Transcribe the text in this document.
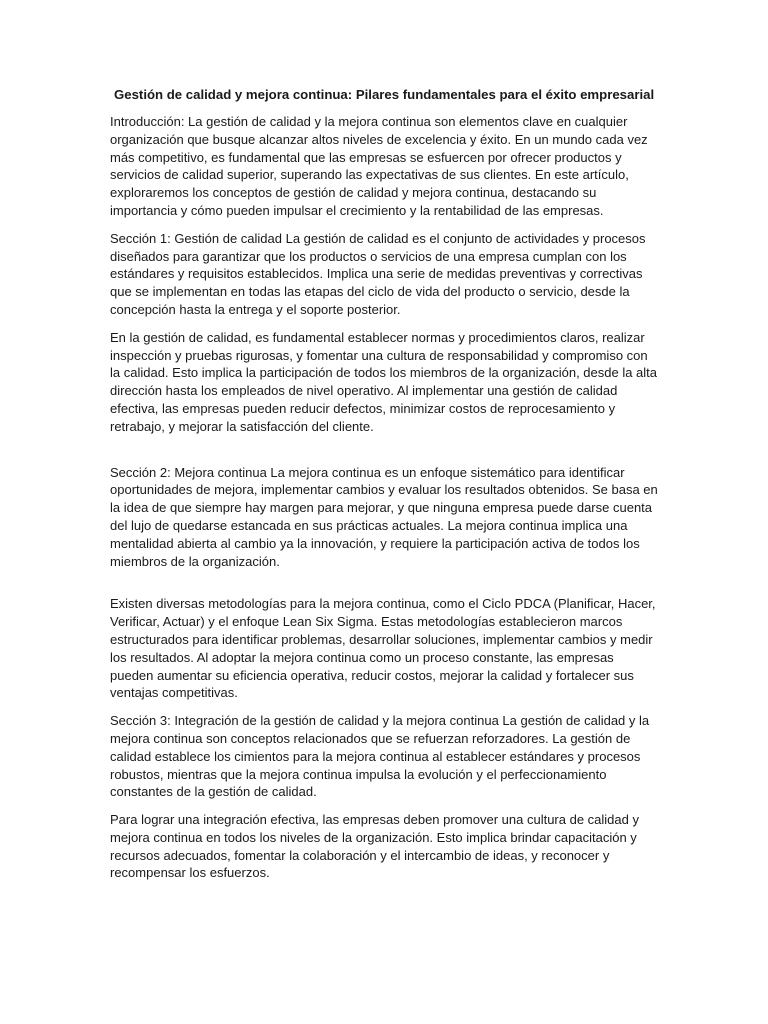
Gestión de calidad y mejora continua: Pilares fundamentales para el éxito empresarial

Introducción: La gestión de calidad y la mejora continua son elementos clave en cualquier organización que busque alcanzar altos niveles de excelencia y éxito. En un mundo cada vez más competitivo, es fundamental que las empresas se esfuercen por ofrecer productos y servicios de calidad superior, superando las expectativas de sus clientes. En este artículo, exploraremos los conceptos de gestión de calidad y mejora continua, destacando su importancia y cómo pueden impulsar el crecimiento y la rentabilidad de las empresas.

Sección 1: Gestión de calidad La gestión de calidad es el conjunto de actividades y procesos diseñados para garantizar que los productos o servicios de una empresa cumplan con los estándares y requisitos establecidos. Implica una serie de medidas preventivas y correctivas que se implementan en todas las etapas del ciclo de vida del producto o servicio, desde la concepción hasta la entrega y el soporte posterior.

En la gestión de calidad, es fundamental establecer normas y procedimientos claros, realizar inspección y pruebas rigurosas, y fomentar una cultura de responsabilidad y compromiso con la calidad. Esto implica la participación de todos los miembros de la organización, desde la alta dirección hasta los empleados de nivel operativo. Al implementar una gestión de calidad efectiva, las empresas pueden reducir defectos, minimizar costos de reprocesamiento y retrabajo, y mejorar la satisfacción del cliente.

Sección 2: Mejora continua La mejora continua es un enfoque sistemático para identificar oportunidades de mejora, implementar cambios y evaluar los resultados obtenidos. Se basa en la idea de que siempre hay margen para mejorar, y que ninguna empresa puede darse cuenta del lujo de quedarse estancada en sus prácticas actuales. La mejora continua implica una mentalidad abierta al cambio ya la innovación, y requiere la participación activa de todos los miembros de la organización.

Existen diversas metodologías para la mejora continua, como el Ciclo PDCA (Planificar, Hacer, Verificar, Actuar) y el enfoque Lean Six Sigma. Estas metodologías establecieron marcos estructurados para identificar problemas, desarrollar soluciones, implementar cambios y medir los resultados. Al adoptar la mejora continua como un proceso constante, las empresas pueden aumentar su eficiencia operativa, reducir costos, mejorar la calidad y fortalecer sus ventajas competitivas.

Sección 3: Integración de la gestión de calidad y la mejora continua La gestión de calidad y la mejora continua son conceptos relacionados que se refuerzan reforzadores. La gestión de calidad establece los cimientos para la mejora continua al establecer estándares y procesos robustos, mientras que la mejora continua impulsa la evolución y el perfeccionamiento constantes de la gestión de calidad.

Para lograr una integración efectiva, las empresas deben promover una cultura de calidad y mejora continua en todos los niveles de la organización. Esto implica brindar capacitación y recursos adecuados, fomentar la colaboración y el intercambio de ideas, y reconocer y recompensar los esfuerzos.
